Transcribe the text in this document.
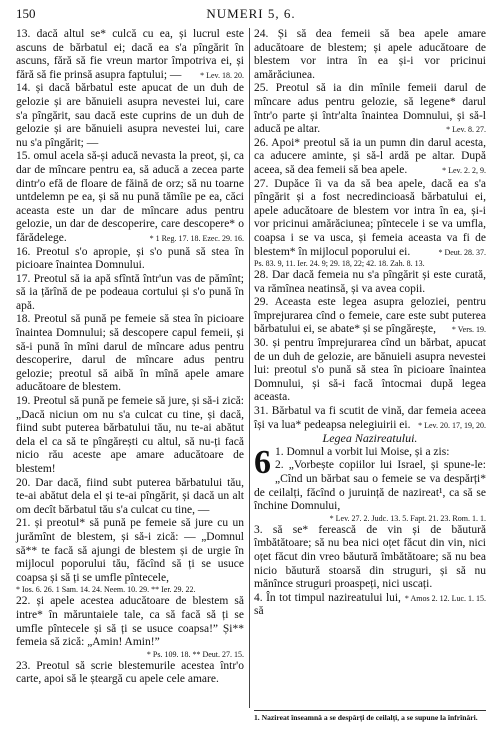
150	NUMERI 5, 6.

13. dacă altul se* culcă cu ea, și lucrul este ascuns de bărbatul ei; dacă ea s'a pîngărit în ascuns, fără să fie vreun martor împotriva ei, și fără să fie prinsă asupra faptului; — * Lev. 18. 20.

14. și dacă bărbatul este apucat de un duh de gelozie și are bănuieli asupra nevestei lui, care s'a pîngărit, sau dacă este cuprins de un duh de gelozie și are bănuieli asupra nevestei lui, care nu s'a pîngărit; —

15. omul acela să-și aducă nevasta la preot, și, ca dar de mîncare pentru ea, să aducă a zecea parte dintr'o efă de floare de făină de orz; să nu toarne untdelemn pe ea, și să nu pună tămîie pe ea, căci aceasta este un dar de mîncare adus pentru gelozie, un dar de descoperire, care descopere* o fărădelege.	* 1 Reg. 17. 18. Ezec. 29. 16.

16. Preotul s'o apropie, și s'o pună să stea în picioare înaintea Domnului.

17. Preotul să ia apă sfîntă într'un vas de pămînt; să ia țărînă de pe podeaua cortului și s'o pună în apă.

18. Preotul să pună pe femeie să stea în picioare înaintea Domnului; să descopere capul femeii, și să-i pună în mîni darul de mîncare adus pentru descoperire, darul de mîncare adus pentru gelozie; preotul să aibă în mînă apele amare aducătoare de blestem.

19. Preotul să pună pe femeie să jure, și să-i zică: „Dacă niciun om nu s'a culcat cu tine, și dacă, fiind subt puterea bărbatului tău, nu te-ai abătut dela el ca să te pîngărești cu altul, să nu-ți facă nicio rău aceste ape amare aducătoare de blestem!

20. Dar dacă, fiind subt puterea bărbatului tău, te-ai abătut dela el și te-ai pîngărit, și dacă un alt om decît bărbatul tău s'a culcat cu tine, —

21. și preotul* să pună pe femeie să jure cu un jurămînt de blestem, și să-i zică: — „Domnul să** te facă să ajungi de blestem și de urgie în mijlocul poporului tău, făcînd să ți se usuce coapsa și să ți se umfle pîntecele,

* Ios. 6. 26. 1 Sam. 14. 24. Neem. 10. 29. ** Ier. 29. 22.

22. și apele acestea aducătoare de blestem să intre* în măruntaiele tale, ca să facă să ți se umfle pîntecele și să ți se usuce coapsa!” Și** femeia să zică: „Amin! Amin!”

* Ps. 109. 18. ** Deut. 27. 15.

23. Preotul să scrie blestemurile acestea într'o carte, apoi să le șteargă cu apele cele amare.

24. Și să dea femeii să bea apele amare aducătoare de blestem; și apele aducătoare de blestem vor intra în ea și-i vor pricinui amărăciunea.

25. Preotul să ia din mînile femeii darul de mîncare adus pentru gelozie, să legene* darul într'o parte și într'alta înaintea Domnului, și să-l aducă pe altar.	* Lev. 8. 27.

26. Apoi* preotul să ia un pumn din darul acesta, ca aducere aminte, și să-l ardă pe altar. După aceea, să dea femeii să bea apele.	* Lev. 2. 2, 9.

27. Dupăce îi va da să bea apele, dacă ea s'a pîngărit și a fost necredincioasă bărbatului ei, apele aducătoare de blestem vor intra în ea, și-i vor pricinui amărăciunea; pîntecele i se va umfla, coapsa i se va usca, și femeia aceasta va fi de blestem* în mijlocul poporului ei.	* Deut. 28. 37.

Ps. 83. 9, 11. Ier. 24. 9; 29. 18, 22; 42. 18. Zah. 8. 13.

28. Dar dacă femeia nu s'a pîngărit și este curată, va rămînea neatinsă, și va avea copii.

29. Aceasta este legea asupra geloziei, pentru împrejurarea cînd o femeie, care este subt puterea bărbatului ei, se abate* și se pîngărește, * Vers. 19.

30. și pentru împrejurarea cînd un bărbat, apucat de un duh de gelozie, are bănuieli asupra nevestei lui: preotul s'o pună să stea în picioare înaintea Domnului, și să-i facă întocmai după legea aceasta.

31. Bărbatul va fi scutit de vină, dar femeia aceea își va lua* pedeapsa nelegiuirii ei. * Lev. 20. 17, 19, 20.

Legea Nazireatului.

6 1. Domnul a vorbit lui Moise, și a zis:

2. „Vorbește copiilor lui Israel, și spune-le: „Cînd un bărbat sau o femeie se va despărți* de ceilalți, făcînd o juruință de nazireat¹, ca să se închine Domnului,

* Lev. 27. 2. Judc. 13. 5. Fapt. 21. 23. Rom. 1. 1.

3. să se* ferească de vin și de băutură îmbătătoare; să nu bea nici oțet făcut din vin, nici oțet făcut din vreo băutură îmbătătoare; să nu bea nicio băutură stoarsă din struguri, și să nu mănînce struguri proaspeți, nici uscați.
* Amos 2. 12. Luc. 1. 15.

4. În tot timpul nazireatului lui, să

1. Nazireat înseamnă a se despărți de ceilalți, a se supune la înfrînări.
